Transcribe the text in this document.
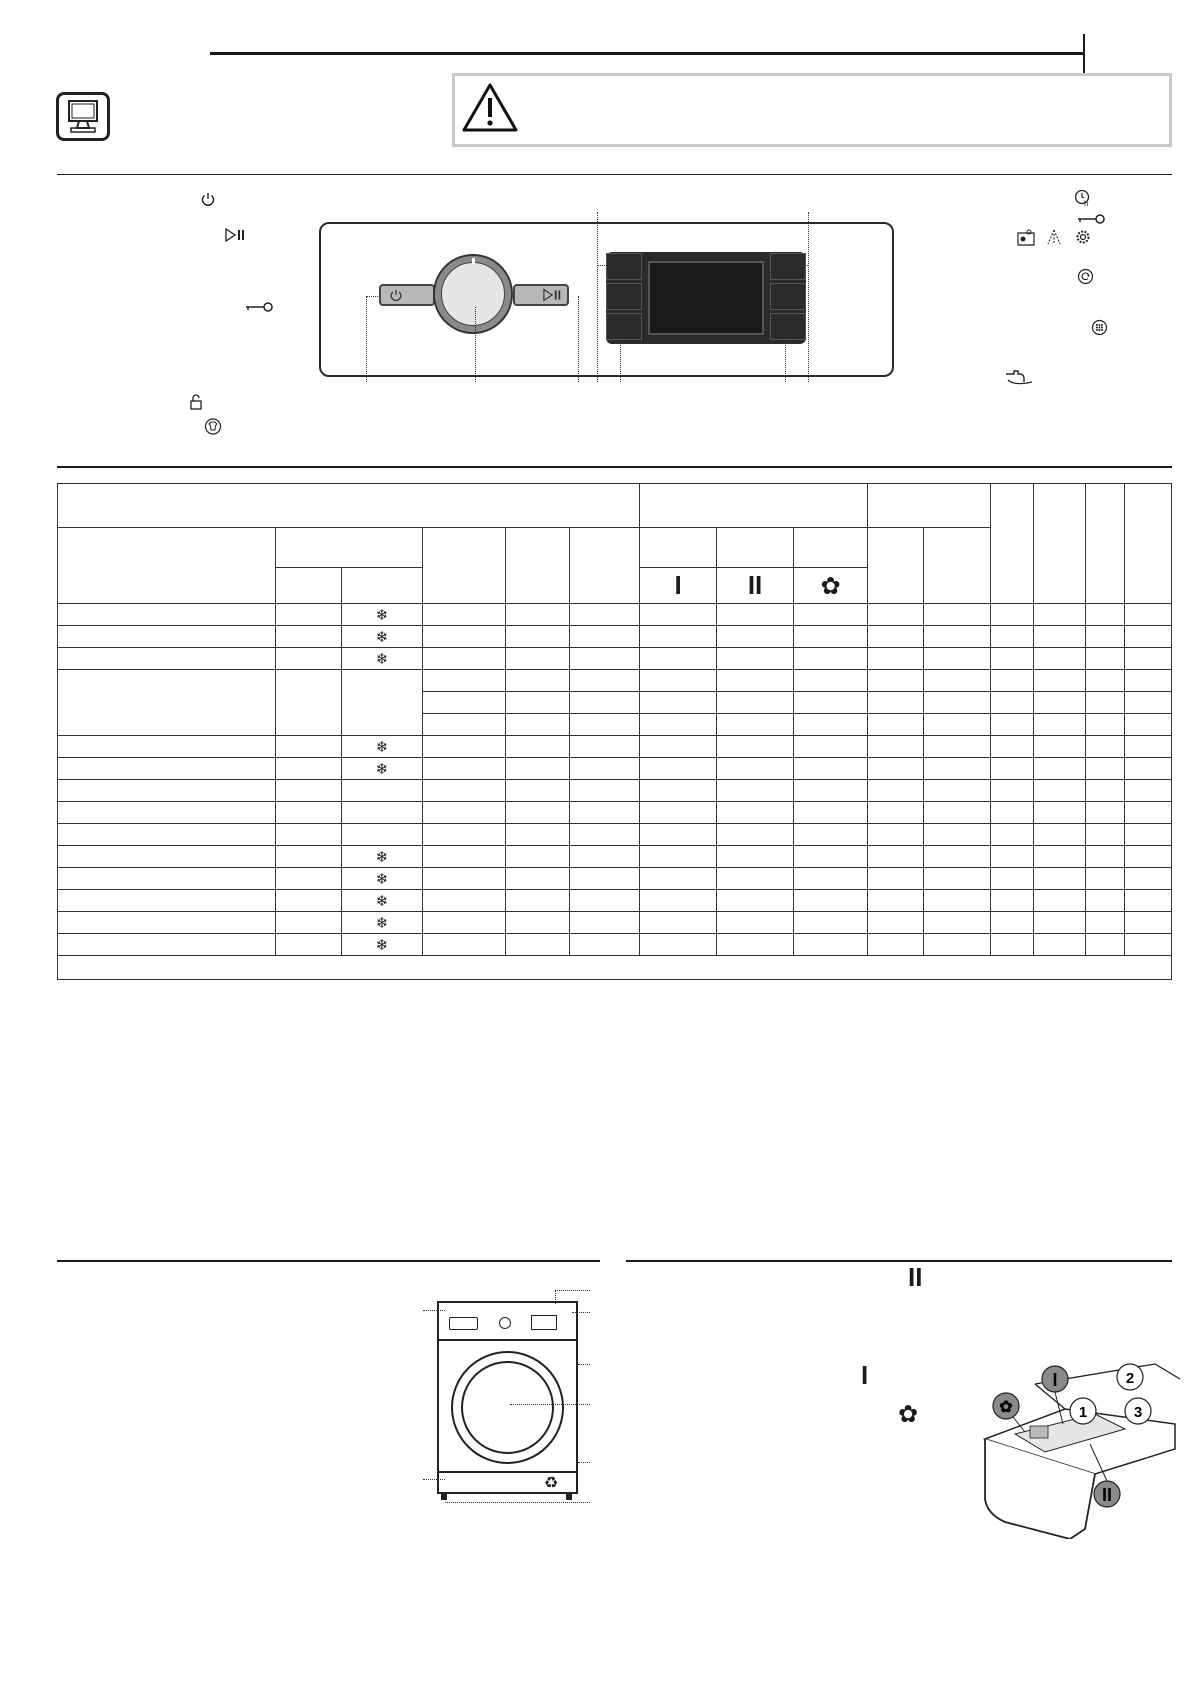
h

						I	II	✿						
		❄												
		❄												
		❄												

		❄												
		❄												

		❄												
		❄												
		❄												
		❄												
		❄												

♻
II
I
✿	✿
I
1
2
3
II
